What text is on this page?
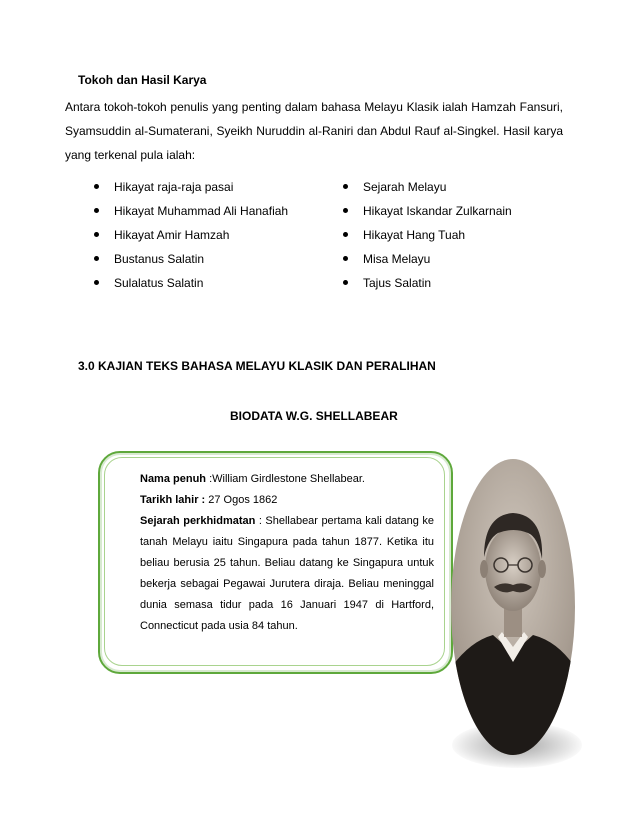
Tokoh dan Hasil Karya
Antara tokoh-tokoh penulis yang penting dalam bahasa Melayu Klasik ialah Hamzah Fansuri, Syamsuddin al-Sumaterani, Syeikh Nuruddin al-Raniri dan Abdul Rauf al-Singkel. Hasil karya yang terkenal pula ialah:
Hikayat raja-raja pasai
Hikayat Muhammad Ali Hanafiah
Hikayat Amir Hamzah
Bustanus Salatin
Sulalatus Salatin
Sejarah Melayu
Hikayat Iskandar Zulkarnain
Hikayat Hang Tuah
Misa Melayu
Tajus Salatin
3.0 KAJIAN TEKS BAHASA MELAYU KLASIK DAN PERALIHAN
BIODATA W.G. SHELLABEAR

Nama penuh :William Girdlestone Shellabear.

Tarikh lahir : 27 Ogos 1862

Sejarah perkhidmatan : Shellabear pertama kali datang ke tanah Melayu iaitu Singapura pada tahun 1877. Ketika itu beliau berusia 25 tahun. Beliau datang ke Singapura untuk bekerja sebagai Pegawai Jurutera diraja. Beliau meninggal dunia semasa tidur pada 16 Januari 1947 di Hartford, Connecticut pada usia 84 tahun.
